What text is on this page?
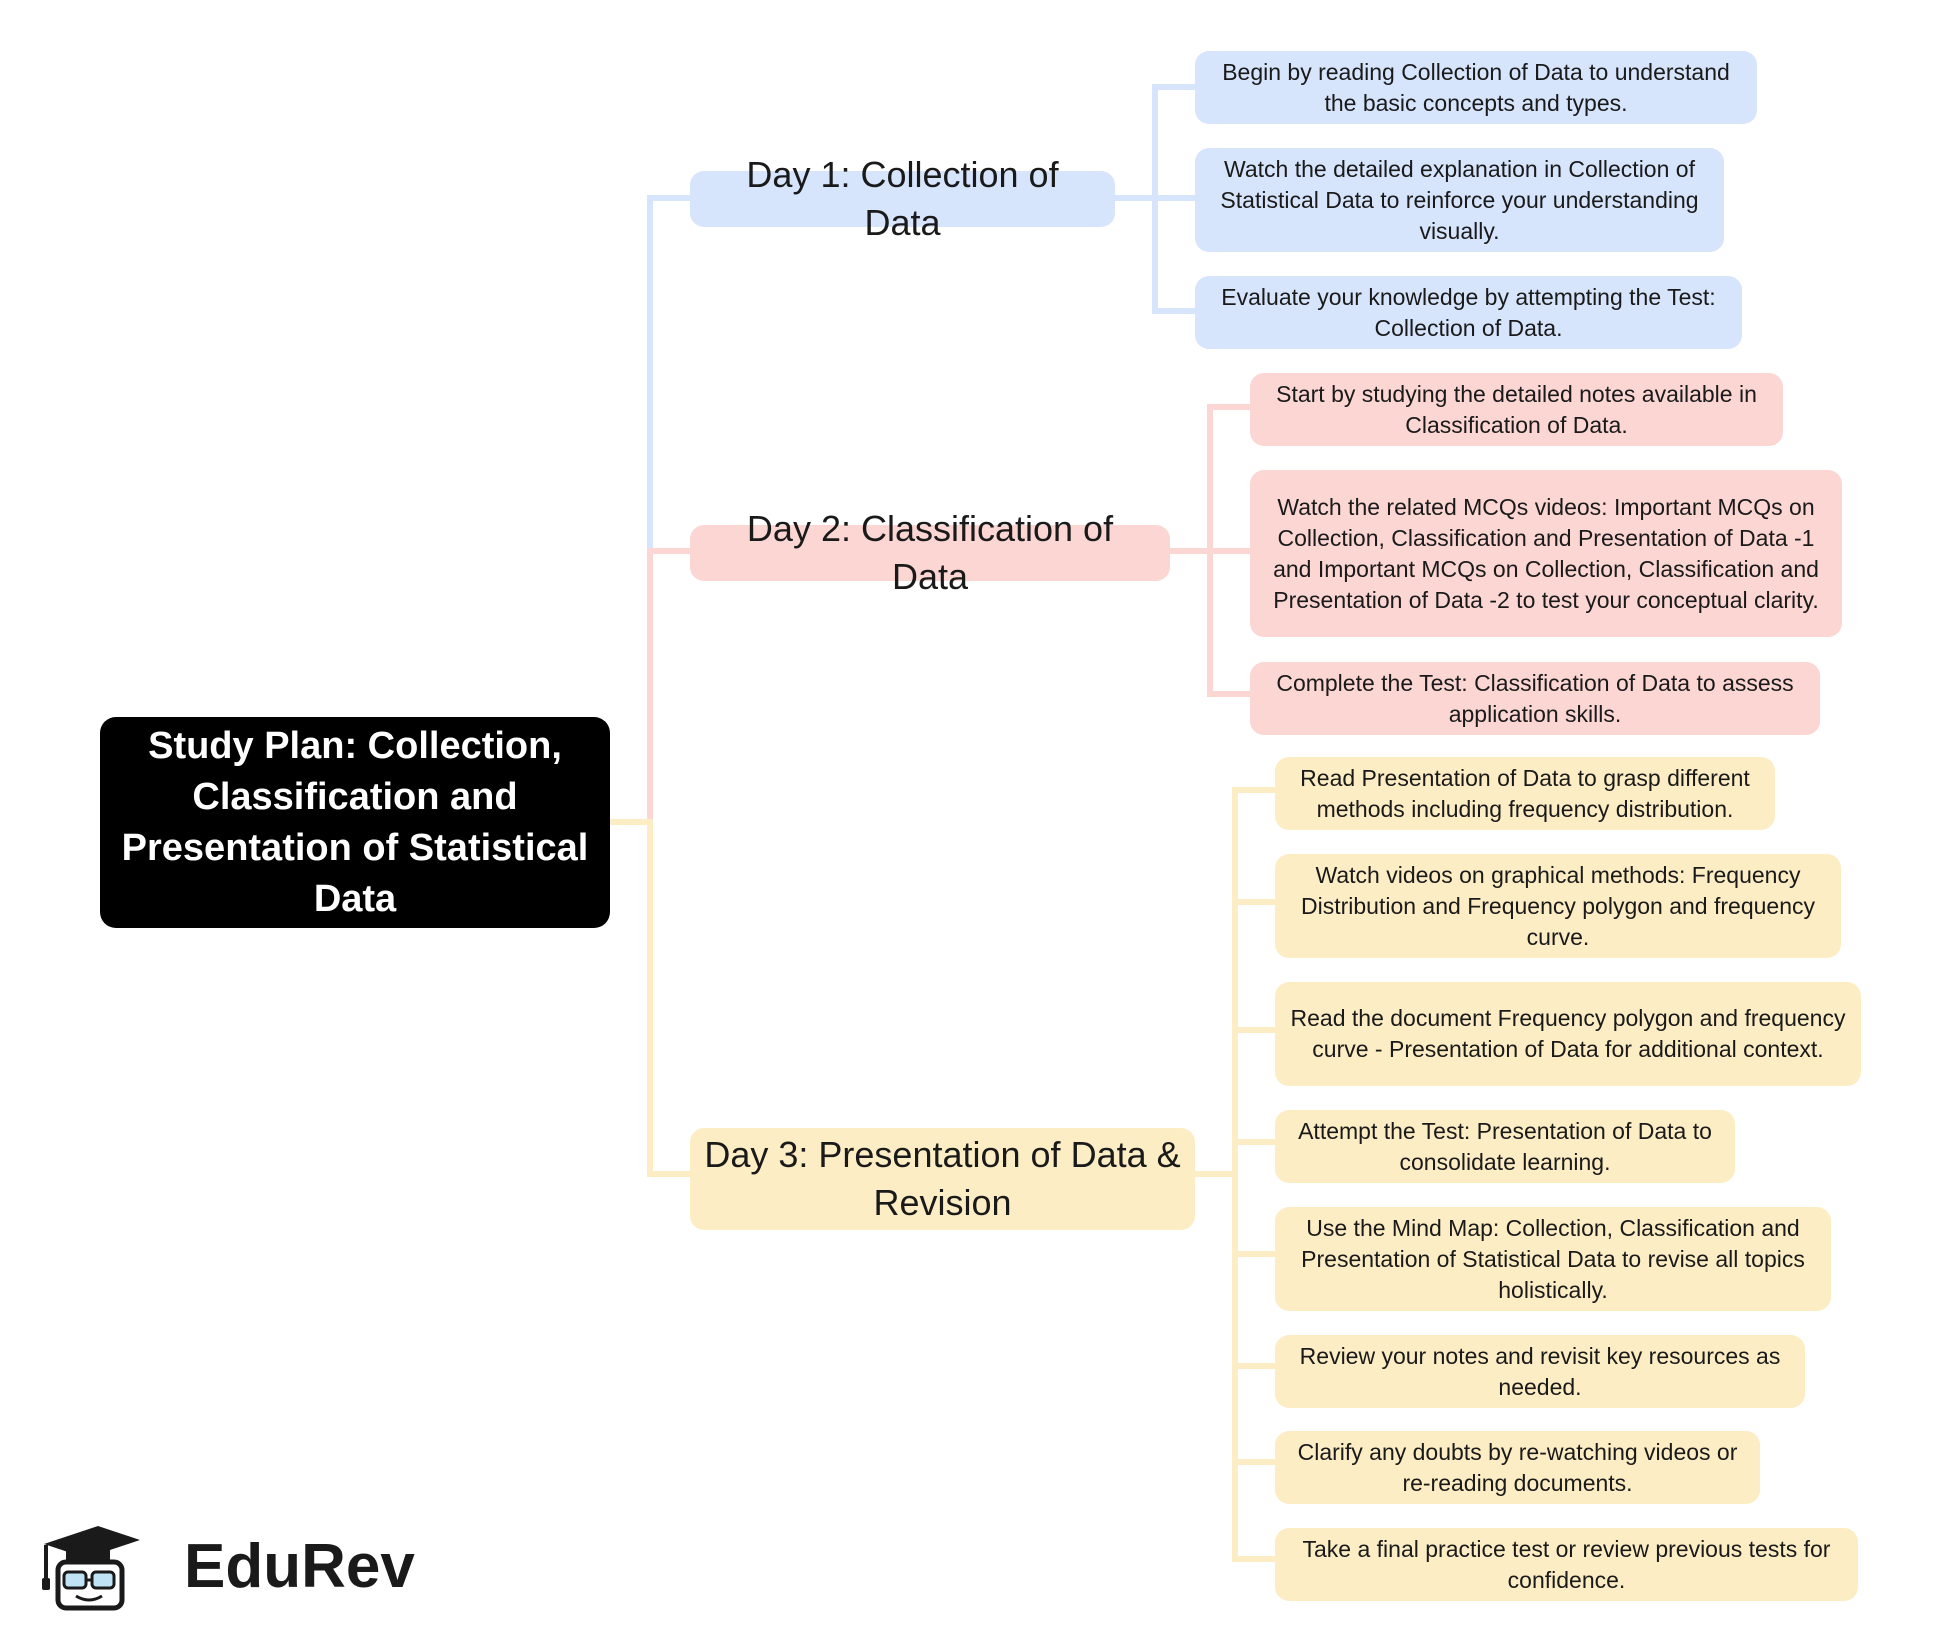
Study Plan: Collection, Classification and Presentation of Statistical Data
Day 1: Collection of Data
Begin by reading Collection of Data to understand the basic concepts and types.
Watch the detailed explanation in Collection of Statistical Data to reinforce your understanding visually.
Evaluate your knowledge by attempting the Test: Collection of Data.
Day 2: Classification of Data
Start by studying the detailed notes available in Classification of Data.
Watch the related MCQs videos: Important MCQs on Collection, Classification and Presentation of Data -1 and Important MCQs on Collection, Classification and Presentation of Data -2 to test your conceptual clarity.
Complete the Test: Classification of Data to assess application skills.
Day 3: Presentation of Data & Revision
Read Presentation of Data to grasp different methods including frequency distribution.
Watch videos on graphical methods: Frequency Distribution and Frequency polygon and frequency curve.
Read the document Frequency polygon and frequency curve - Presentation of Data for additional context.
Attempt the Test: Presentation of Data to consolidate learning.
Use the Mind Map: Collection, Classification and Presentation of Statistical Data to revise all topics holistically.
Review your notes and revisit key resources as needed.
Clarify any doubts by re-watching videos or re-reading documents.
Take a final practice test or review previous tests for confidence.
EduRev
